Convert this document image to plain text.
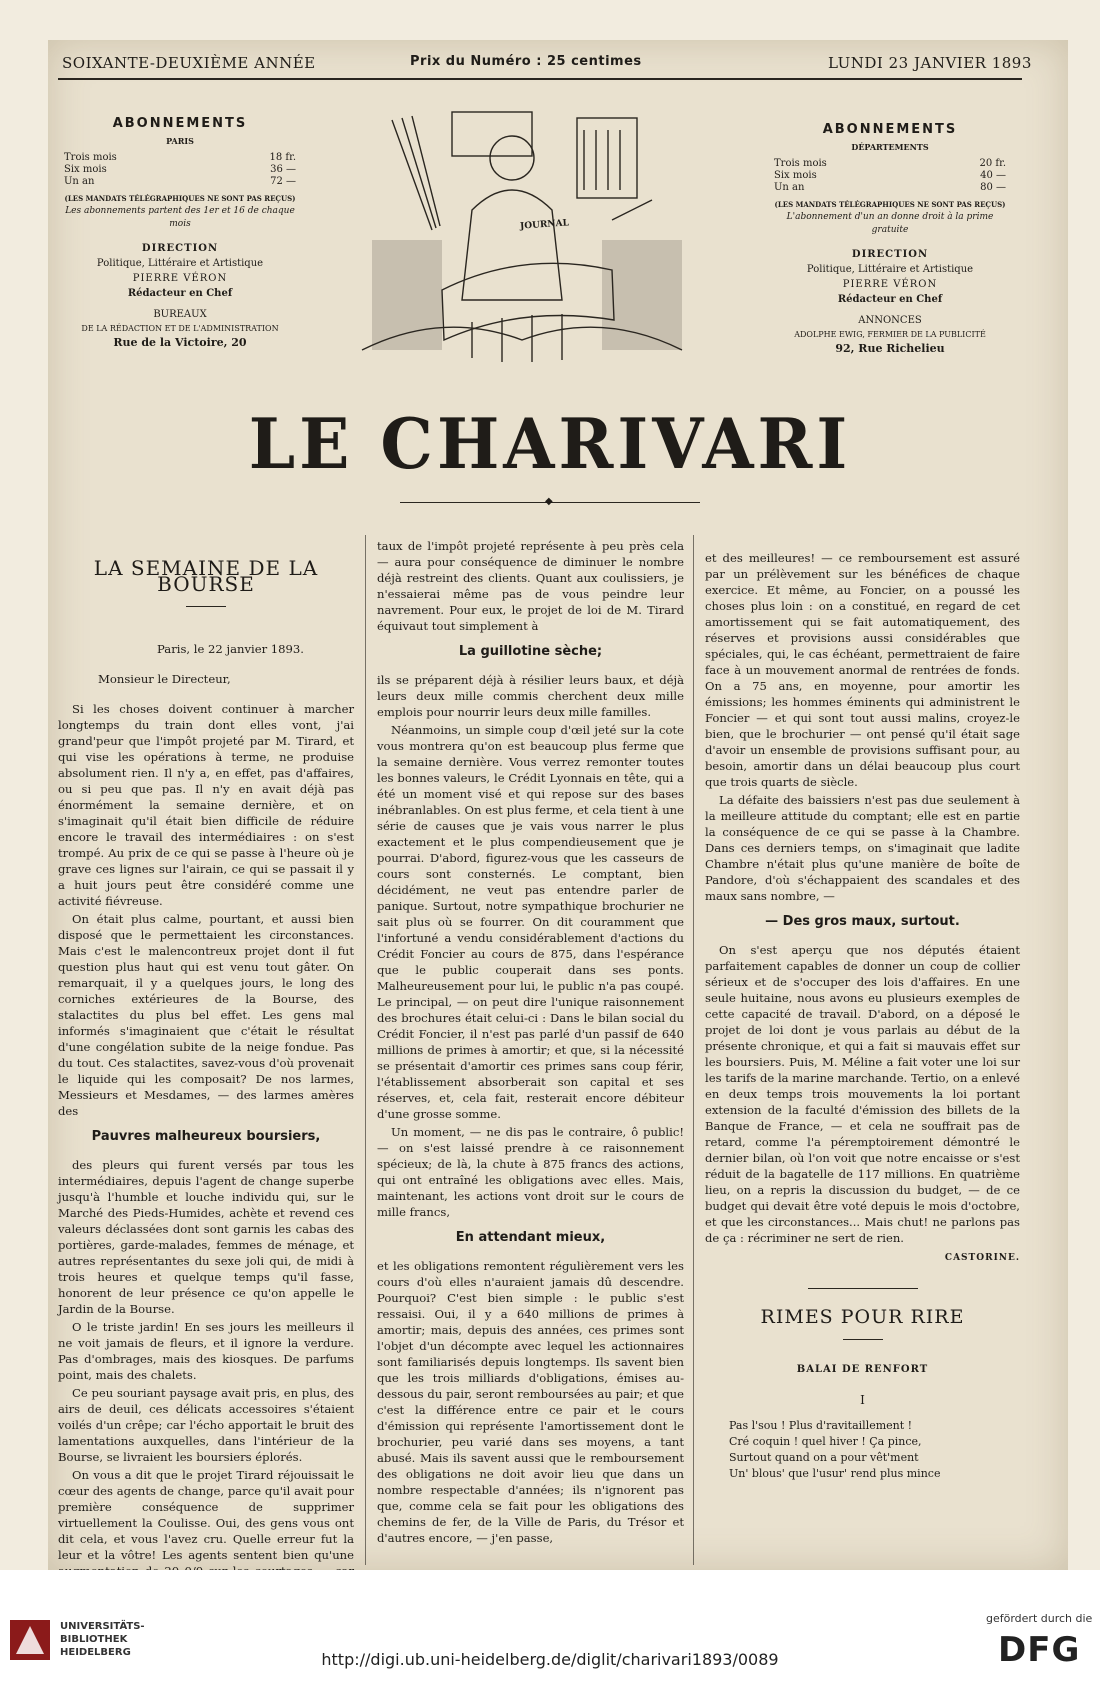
SOIXANTE-DEUXIÈME ANNÉE	Prix du Numéro : 25 centimes	LUNDI 23 JANVIER 1893
ABONNEMENTS
PARIS
Trois mois	18 fr.
Six mois	36 —
Un an	72 —
(LES MANDATS TÉLÉGRAPHIQUES NE SONT PAS REÇUS)
Les abonnements partent des 1er et 16 de chaque mois
DIRECTION
Politique, Littéraire et Artistique
PIERRE VÉRON
Rédacteur en Chef
BUREAUX
DE LA RÉDACTION ET DE L'ADMINISTRATION
Rue de la Victoire, 20
JOURNAL
ABONNEMENTS
DÉPARTEMENTS
Trois mois	20 fr.
Six mois	40 —
Un an	80 —
(LES MANDATS TÉLÉGRAPHIQUES NE SONT PAS REÇUS)
L'abonnement d'un an donne droit à la prime gratuite
DIRECTION
Politique, Littéraire et Artistique
PIERRE VÉRON
Rédacteur en Chef
ANNONCES
ADOLPHE EWIG, FERMIER DE LA PUBLICITÉ
92, Rue Richelieu
LE CHARIVARI
◆
LA SEMAINE DE LA BOURSE
Paris, le 22 janvier 1893.
Monsieur le Directeur,

Si les choses doivent continuer à marcher longtemps du train dont elles vont, j'ai grand'peur que l'impôt projeté par M. Tirard, et qui vise les opérations à terme, ne produise absolument rien. Il n'y a, en effet, pas d'affaires, ou si peu que pas. Il n'y en avait déjà pas énormément la semaine dernière, et on s'imaginait qu'il était bien difficile de réduire encore le travail des intermédiaires : on s'est trompé. Au prix de ce qui se passe à l'heure où je grave ces lignes sur l'airain, ce qui se passait il y a huit jours peut être considéré comme une activité fiévreuse.

On était plus calme, pourtant, et aussi bien disposé que le permettaient les circonstances. Mais c'est le malencontreux projet dont il fut question plus haut qui est venu tout gâter. On remarquait, il y a quelques jours, le long des corniches extérieures de la Bourse, des stalactites du plus bel effet. Les gens mal informés s'imaginaient que c'était le résultat d'une congélation subite de la neige fondue. Pas du tout. Ces stalactites, savez-vous d'où provenait le liquide qui les composait? De nos larmes, Messieurs et Mesdames, — des larmes amères des

Pauvres malheureux boursiers,

des pleurs qui furent versés par tous les intermédiaires, depuis l'agent de change superbe jusqu'à l'humble et louche individu qui, sur le Marché des Pieds-Humides, achète et revend ces valeurs déclassées dont sont garnis les cabas des portières, garde-malades, femmes de ménage, et autres représentantes du sexe joli qui, de midi à trois heures et quelque temps qu'il fasse, honorent de leur présence ce qu'on appelle le Jardin de la Bourse.

O le triste jardin! En ses jours les meilleurs il ne voit jamais de fleurs, et il ignore la verdure. Pas d'ombrages, mais des kiosques. De parfums point, mais des chalets.

Ce peu souriant paysage avait pris, en plus, des airs de deuil, ces délicats accessoires s'étaient voilés d'un crêpe; car l'écho apportait le bruit des lamentations auxquelles, dans l'intérieur de la Bourse, se livraient les boursiers éplorés.

On vous a dit que le projet Tirard réjouissait le cœur des agents de change, parce qu'il avait pour première conséquence de supprimer virtuellement la Coulisse. Oui, des gens vous ont dit cela, et vous l'avez cru. Quelle erreur fut la leur et la vôtre! Les agents sentent bien qu'une

taux de l'impôt projeté représente à peu près cela — aura pour conséquence de diminuer le nombre déjà restreint des clients. Quant aux coulissiers, je n'essaierai même pas de vous peindre leur navrement. Pour eux, le projet de loi de M. Tirard équivaut tout simplement à

La guillotine sèche;

ils se préparent déjà à résilier leurs baux, et déjà leurs deux mille commis cherchent deux mille emplois pour nourrir leurs deux mille familles.

Néanmoins, un simple coup d'œil jeté sur la cote vous montrera qu'on est beaucoup plus ferme que la semaine dernière. Vous verrez remonter toutes les bonnes valeurs, le Crédit Lyonnais en tête, qui a été un moment visé et qui repose sur des bases inébranlables. On est plus ferme, et cela tient à une série de causes que je vais vous narrer le plus exactement et le plus compendieusement que je pourrai. D'abord, figurez-vous que les casseurs de cours sont consternés. Le comptant, bien décidément, ne veut pas entendre parler de panique. Surtout, notre sympathique brochurier ne sait plus où se fourrer. On dit couramment que l'infortuné a vendu considérablement d'actions du Crédit Foncier au cours de 875, dans l'espérance que le public couperait dans ses ponts. Malheureusement pour lui, le public n'a pas coupé. Le principal, — on peut dire l'unique raisonnement des brochures était celui-ci : Dans le bilan social du Crédit Foncier, il n'est pas parlé d'un passif de 640 millions de primes à amortir; et que, si la nécessité se présentait d'amortir ces primes sans coup férir, l'établissement absorberait son capital et ses réserves, et, cela fait, resterait encore débiteur d'une grosse somme.

Un moment, — ne dis pas le contraire, ô public! — on s'est laissé prendre à ce raisonnement spécieux; de là, la chute à 875 francs des actions, qui ont entraîné les obligations avec elles. Mais, maintenant, les actions vont droit sur le cours de mille francs,

En attendant mieux,

et les obligations remontent régulièrement vers les cours d'où elles n'auraient jamais dû descendre. Pourquoi? C'est bien simple : le public s'est ressaisi. Oui, il y a 640 millions de primes à amortir; mais, depuis des années, ces primes sont l'objet d'un décompte avec lequel les actionnaires sont familiarisés depuis longtemps. Ils savent bien que les trois milliards d'obligations, émises au-dessous du pair, seront remboursées au pair; et que c'est la différence entre ce pair et le cours d'émission qui représente l'amortissement dont le brochurier, peu varié dans ses moyens, a tant abusé. Mais ils savent aussi que le remboursement des obligations ne doit avoir lieu que dans un nombre respectable d'années; ils n'ignorent pas que, comme cela se fait pour les obligations des chemins de fer, de la Ville de Paris, du Trésor et d'autres encore, — j'en passe,

et des meilleures! — ce remboursement est assuré par un prélèvement sur les bénéfices de chaque exercice. Et même, au Foncier, on a poussé les choses plus loin : on a constitué, en regard de cet amortissement qui se fait automatiquement, des réserves et provisions aussi considérables que spéciales, qui, le cas échéant, permettraient de faire face à un mouvement anormal de rentrées de fonds. On a 75 ans, en moyenne, pour amortir les émissions; les hommes éminents qui administrent le Foncier — et qui sont tout aussi malins, croyez-le bien, que le brochurier — ont pensé qu'il était sage d'avoir un ensemble de provisions suffisant pour, au besoin, amortir dans un délai beaucoup plus court que trois quarts de siècle.

La défaite des baissiers n'est pas due seulement à la meilleure attitude du comptant; elle est en partie la conséquence de ce qui se passe à la Chambre. Dans ces derniers temps, on s'imaginait que ladite Chambre n'était plus qu'une manière de boîte de Pandore, d'où s'échappaient des scandales et des maux sans nombre, —

— Des gros maux, surtout.

On s'est aperçu que nos députés étaient parfaitement capables de donner un coup de collier sérieux et de s'occuper des lois d'affaires. En une seule huitaine, nous avons eu plusieurs exemples de cette capacité de travail. D'abord, on a déposé le projet de loi dont je vous parlais au début de la présente chronique, et qui a fait si mauvais effet sur les boursiers. Puis, M. Méline a fait voter une loi sur les tarifs de la marine marchande. Tertio, on a enlevé en deux temps trois mouvements la loi portant extension de la faculté d'émission des billets de la Banque de France, — et cela ne souffrait pas de retard, comme l'a péremptoirement démontré le dernier bilan, où l'on voit que notre encaisse or s'est réduit de la bagatelle de 117 millions. En quatrième lieu, on a repris la discussion du budget, — de ce budget qui devait être voté depuis le mois d'octobre, et que les circonstances... Mais chut! ne parlons pas de ça : récriminer ne sert de rien.

CASTORINE.
RIMES POUR RIRE
BALAI DE RENFORT
I
Pas l'sou ! Plus d'ravitaillement !
Cré coquin ! quel hiver ! Ça pince,
Surtout quand on a pour vêt'ment
Un' blous' que l'usur' rend plus mince
UNIVERSITÄTS-
BIBLIOTHEK
HEIDELBERG	http://digi.ub.uni-heidelberg.de/diglit/charivari1893/0089
gefördert durch die
DFG
